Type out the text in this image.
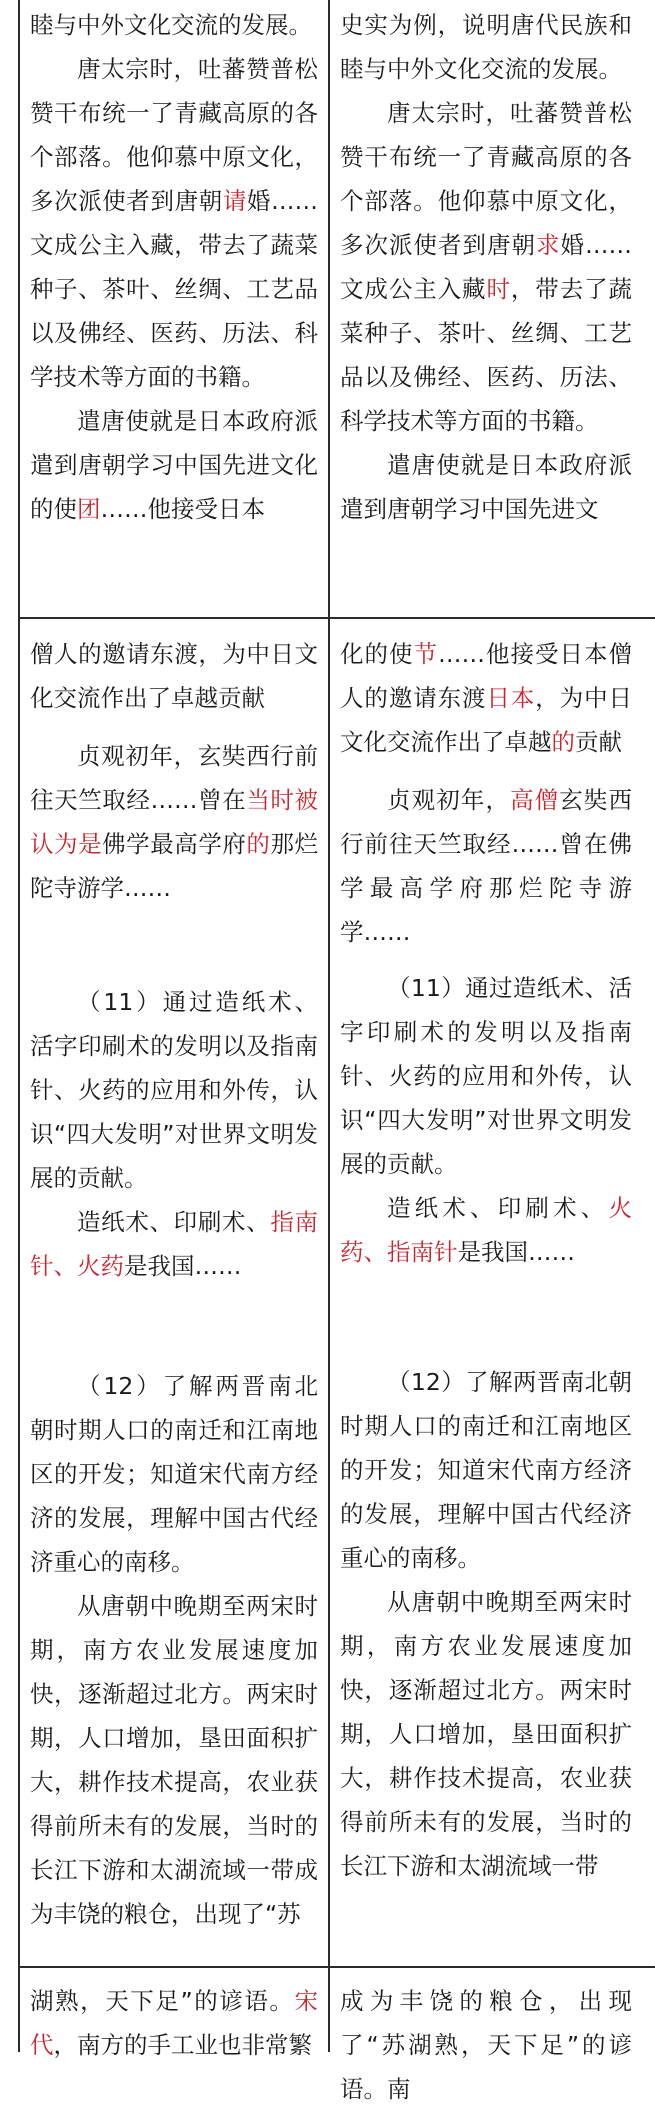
睦与中外文化交流的发展。

唐太宗时，吐蕃赞普松赞干布统一了青藏高原的各个部落。他仰慕中原文化，多次派使者到唐朝请婚……文成公主入藏，带去了蔬菜种子、茶叶、丝绸、工艺品以及佛经、医药、历法、科学技术等方面的书籍。

遣唐使就是日本政府派遣到唐朝学习中国先进文化的使团……他接受日本

僧人的邀请东渡，为中日文化交流作出了卓越贡献

贞观初年，玄奘西行前往天竺取经……曾在当时被认为是佛学最高学府的那烂陀寺游学……

（11）通过造纸术、活字印刷术的发明以及指南针、火药的应用和外传，认识“四大发明”对世界文明发展的贡献。

造纸术、印刷术、指南针、火药是我国……

（12）了解两晋南北朝时期人口的南迁和江南地区的开发；知道宋代南方经济的发展，理解中国古代经济重心的南移。

从唐朝中晚期至两宋时期，南方农业发展速度加快，逐渐超过北方。两宋时期，人口增加，垦田面积扩大，耕作技术提高，农业获得前所未有的发展，当时的长江下游和太湖流域一带成为丰饶的粮仓，出现了“苏

湖熟，天下足”的谚语。宋代，南方的手工业也非常繁

史实为例，说明唐代民族和睦与中外文化交流的发展。

唐太宗时，吐蕃赞普松赞干布统一了青藏高原的各个部落。他仰慕中原文化，多次派使者到唐朝求婚……文成公主入藏时，带去了蔬菜种子、茶叶、丝绸、工艺品以及佛经、医药、历法、科学技术等方面的书籍。

遣唐使就是日本政府派遣到唐朝学习中国先进文

化的使节……他接受日本僧人的邀请东渡日本，为中日文化交流作出了卓越的贡献

贞观初年，高僧玄奘西行前往天竺取经……曾在佛学最高学府那烂陀寺游学……

（11）通过造纸术、活字印刷术的发明以及指南针、火药的应用和外传，认识“四大发明”对世界文明发展的贡献。

造纸术、印刷术、火药、指南针是我国……

（12）了解两晋南北朝时期人口的南迁和江南地区的开发；知道宋代南方经济的发展，理解中国古代经济重心的南移。

从唐朝中晚期至两宋时期，南方农业发展速度加快，逐渐超过北方。两宋时期，人口增加，垦田面积扩大，耕作技术提高，农业获得前所未有的发展，当时的长江下游和太湖流域一带

成为丰饶的粮仓，出现了“苏湖熟，天下足”的谚语。南
